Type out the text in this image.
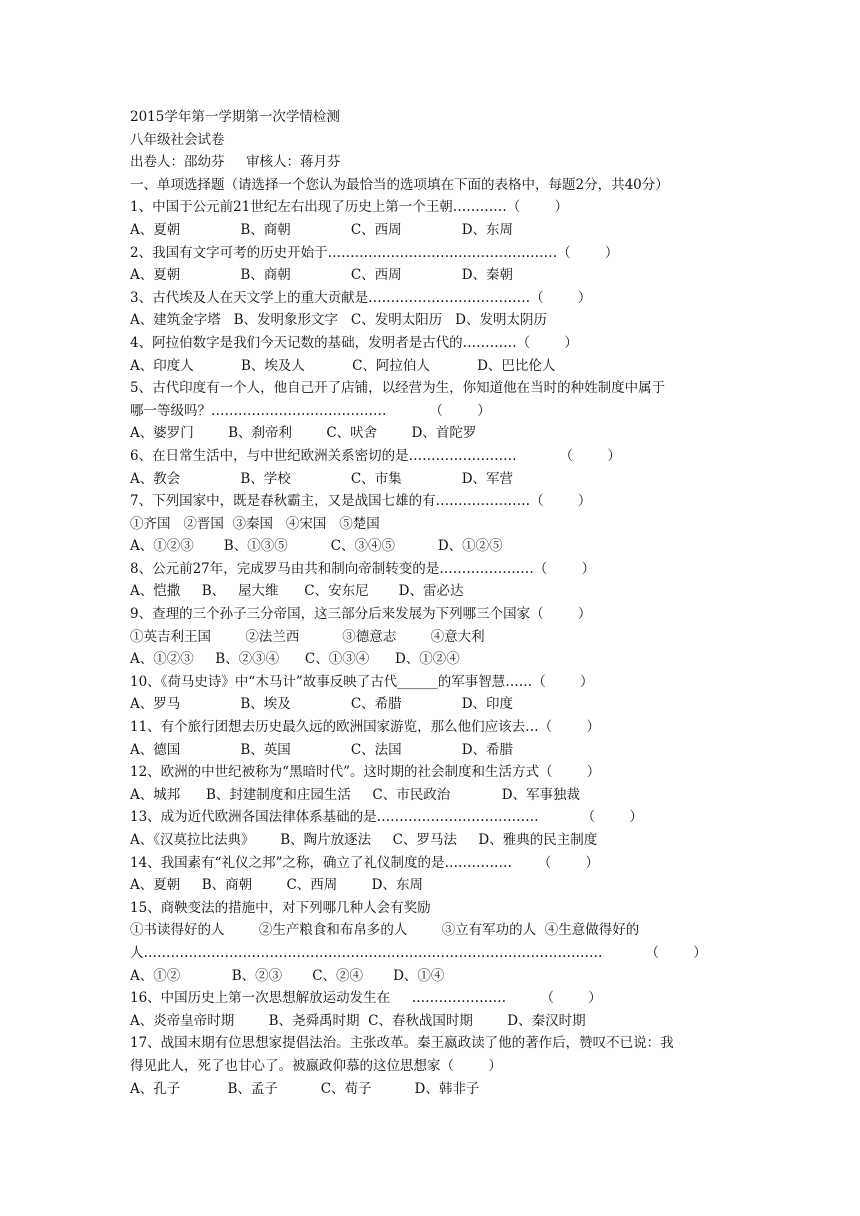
2015学年第一学期第一次学情检测
八年级社会试卷
出卷人：邵幼芬     审核人：蒋月芬
一、单项选择题（请选择一个您认为最恰当的选项填在下面的表格中，每题2分，共40分）
1、中国于公元前21世纪左右出现了历史上第一个王朝…………（        ）
A、夏朝              B、商朝              C、西周              D、东周
2、我国有文字可考的历史开始于……………………………………………（        ）
A、夏朝              B、商朝              C、西周              D、秦朝
3、古代埃及人在天文学上的重大贡献是………………………………（        ）
A、建筑金字塔   B、发明象形文字   C、发明太阳历   D、发明太阴历
4、阿拉伯数字是我们今天记数的基础，发明者是古代的…………（        ）
A、印度人           B、埃及人           C、阿拉伯人           D、巴比伦人
5、古代印度有一个人，他自己开了店铺，以经营为生，你知道他在当时的种姓制度中属于
哪一等级吗？…………………………………          （        ）
A、婆罗门        B、刹帝利        C、吠舍        D、首陀罗
6、在日常生活中，与中世纪欧洲关系密切的是……………………          （        ）
A、教会              B、学校              C、市集              D、军营
7、下列国家中，既是春秋霸主，又是战国七雄的有…………………（        ）
①齐国   ②晋国  ③秦国   ④宋国   ⑤楚国
A、①②③       B、①③⑤          C、③④⑤          D、①②⑤
8、公元前27年，完成罗马由共和制向帝制转变的是…………………（        ）
A、恺撒     B、   屋大维      C、安东尼       D、雷必达
9、查理的三个孙子三分帝国，这三部分后来发展为下列哪三个国家（        ）
①英吉利王国        ②法兰西          ③德意志        ④意大利
A、①②③     B、②③④      C、①③④      D、①②④
10、《荷马史诗》中“木马计”故事反映了古代______的军事智慧……（        ）
A、罗马              B、埃及              C、希腊              D、印度
11、有个旅行团想去历史最久远的欧洲国家游览，那么他们应该去…（        ）
A、德国              B、英国              C、法国              D、希腊
12、欧洲的中世纪被称为“黑暗时代”。这时期的社会制度和生活方式（        ）
A、城邦      B、封建制度和庄园生活     C、市民政治            D、军事独裁
13、成为近代欧洲各国法律体系基础的是………………………………          （        ）
A、《汉莫拉比法典》      B、陶片放逐法     C、罗马法     D、雅典的民主制度
14、我国素有“礼仪之邦”之称，确立了礼仪制度的是……………      （        ）
A、夏朝     B、商朝        C、西周        D、东周
15、商鞅变法的措施中，对下列哪几种人会有奖励
①书读得好的人        ②生产粮食和布帛多的人        ③立有军功的人  ④生意做得好的
人…………………………………………………………………………………………          （        ）
A、①②            B、②③       C、②④       D、①④
16、中国历史上第一次思想解放运动发生在     …………………        （        ）
A、炎帝皇帝时期        B、尧舜禹时期  C、春秋战国时期        D、秦汉时期
17、战国末期有位思想家提倡法治。主张改革。秦王嬴政读了他的著作后，赞叹不已说：我
得见此人，死了也甘心了。被嬴政仰慕的这位思想家（        ）
A、孔子           B、孟子          C、荀子          D、韩非子
